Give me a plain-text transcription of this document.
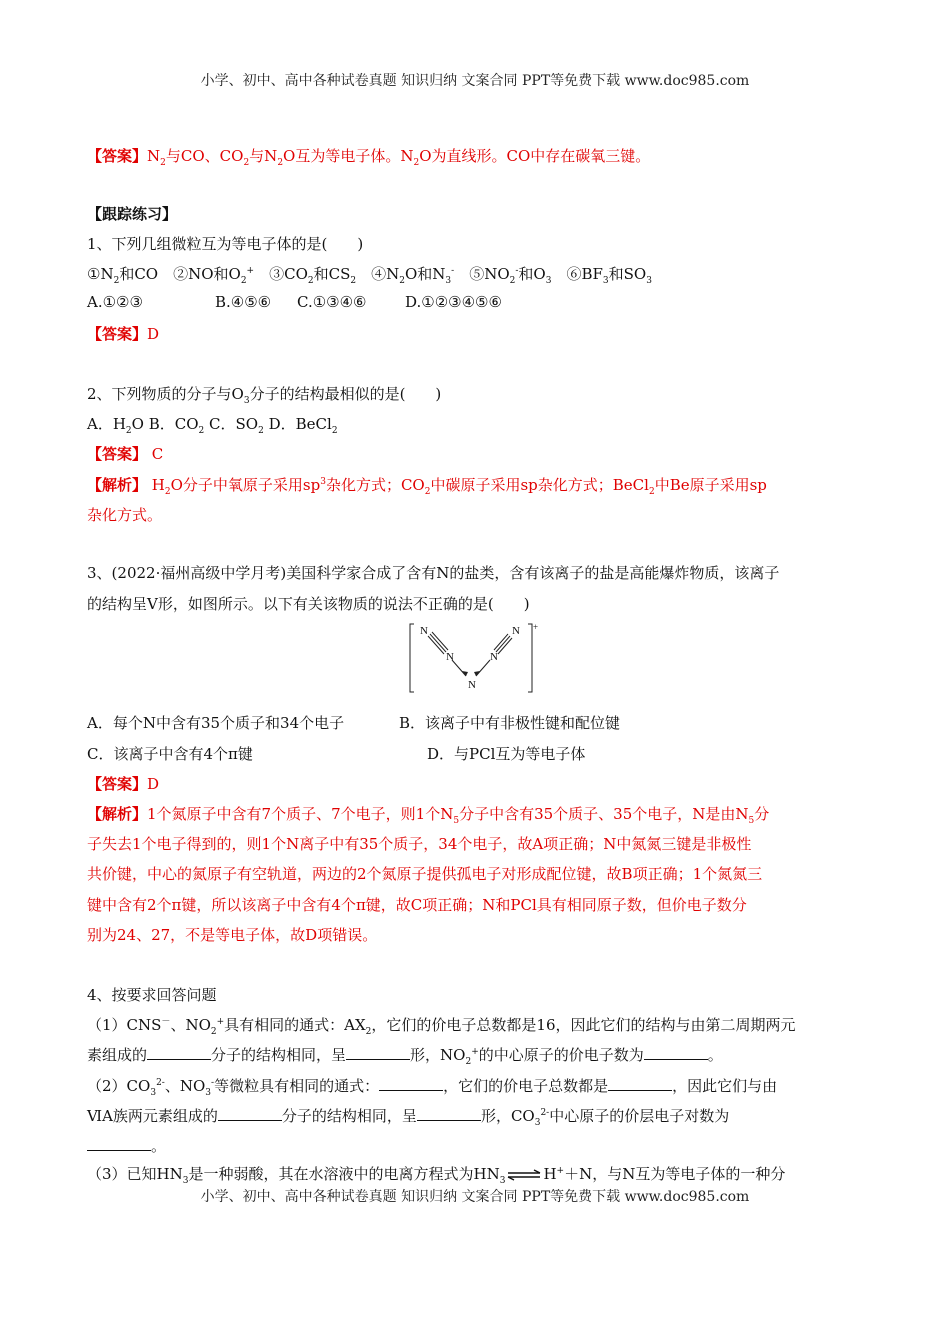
小学、初中、高中各种试卷真题 知识归纳 文案合同 PPT等免费下载 www.doc985.com
【答案】$N_2$与CO、$CO_2$与$N_2O$互为等电子体。$N_2O$为直线形。CO中存在碳氧三键。
【跟踪练习】
1、下列几组微粒互为等电子体的是(　　)
$①N_2$和CO　②NO和$O_2^+$　$③CO_2$和$CS_2$　$④N_2O$和$N_3^-$　$⑤NO_2^-$和$O_3$　$⑥BF_3$和$SO_3$
A.①②③	B.④⑤⑥ C.①③④⑥	D.①②③④⑤⑥
【答案】D
2、下列物质的分子与$O_3$分子的结构最相似的是(　　)
A．$H_2O$ B．$CO_2$ C．$SO_2$ D．BeCl$_2$
【答案】 C
【解析】 $H_2O$分子中氧原子采用$sp^3$杂化方式；$CO_2$中碳原子采用sp杂化方式；BeCl$_2$中Be原子采用sp
杂化方式。
3、(2022·福州高级中学月考)美国科学家合成了含有N的盐类，含有该离子的盐是高能爆炸物质，该离子
的结构呈V形，如图所示。以下有关该物质的说法不正确的是(　　)
N
N
N
N
N +
A．每个N中含有35个质子和34个电子	B．该离子中有非极性键和配位键
C．该离子中含有4个π键	D．与PCl互为等电子体
【答案】D
【解析】1个氮原子中含有7个质子、7个电子，则1个$N_5$分子中含有35个质子、35个电子，N是由$N_5$分
子失去1个电子得到的，则1个N离子中有35个质子，34个电子，故A项正确；N中氮氮三键是非极性
共价键，中心的氮原子有空轨道，两边的2个氮原子提供孤电子对形成配位键，故B项正确；1个氮氮三
键中含有2个π键，所以该离子中含有4个π键，故C项正确；N和PCl具有相同原子数，但价电子数分
别为24、27，不是等电子体，故D项错误。
4、按要求回答问题
（1）CNS－、$NO_2^+$具有相同的通式：$AX_2$，它们的价电子总数都是16，因此它们的结构与由第二周期两元
素组成的	分子的结构相同，呈	形，$NO_2^+$的中心原子的价电子数为	。
$(2)CO_3^{2-}$、$NO_3^-$等微粒具有相同的通式：	，它们的价电子总数都是	，因此它们与由
ⅥA族两元素组成的	分子的结构相同，呈	形，$CO_3^{2-}$中心原子的价层电子对数为
。
（3）已知$HN_3$是一种弱酸，其在水溶液中的电离方程式为$HN_3\rightleftharpoons H^++N$，与N互为等电子体的一种分
小学、初中、高中各种试卷真题 知识归纳 文案合同 PPT等免费下载 www.doc985.com
